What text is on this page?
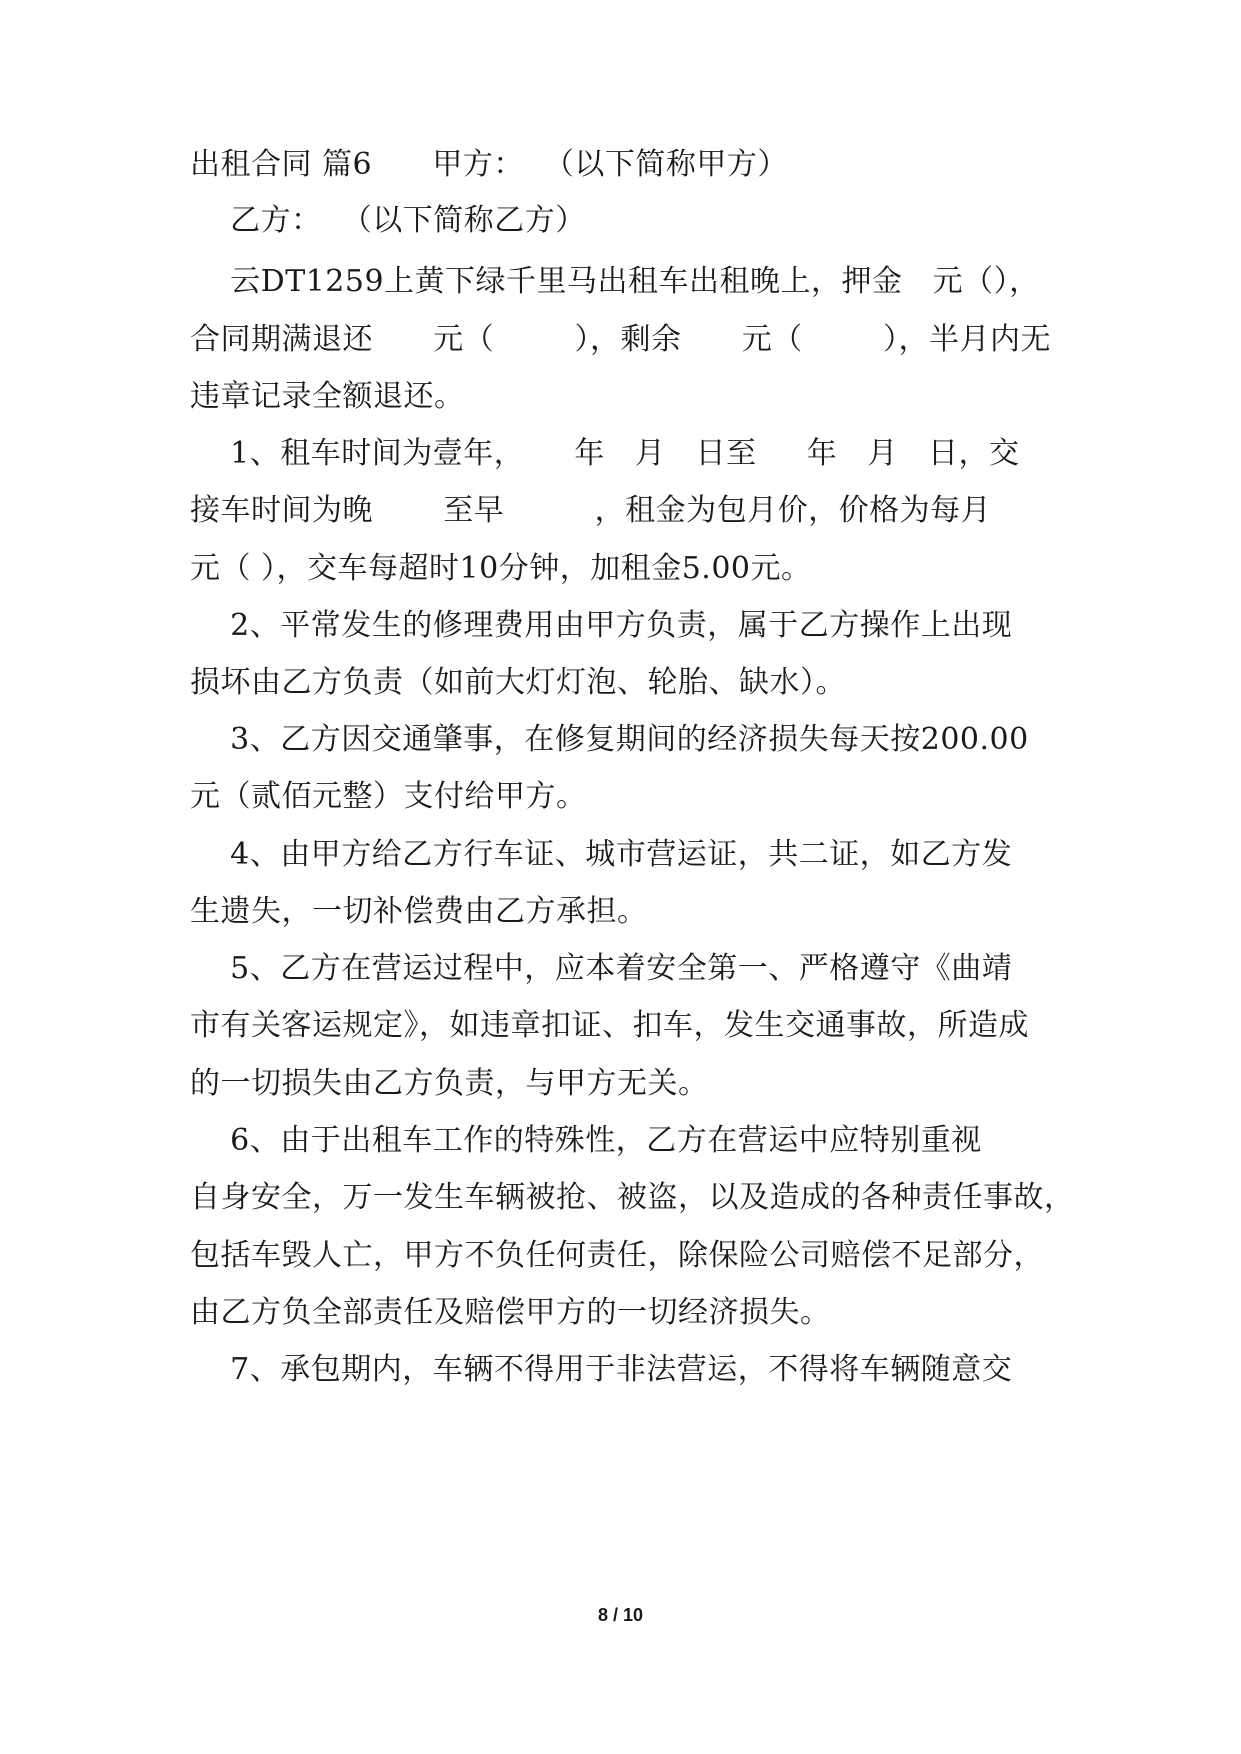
出租合同 篇6      甲方：  （以下简称甲方）
乙方：  （以下简称乙方）
云DT1259上黄下绿千里马出租车出租晚上，押金   元（），
合同期满退还      元（        ），剩余      元（        ），半月内无
违章记录全额退还。
1、租车时间为壹年，     年   月   日至     年   月   日，交
接车时间为晚       至早         ，租金为包月价，价格为每月
元（ ），交车每超时10分钟，加租金5.00元。
2、平常发生的修理费用由甲方负责，属于乙方操作上出现
损坏由乙方负责（如前大灯灯泡、轮胎、缺水）。
3、乙方因交通肇事，在修复期间的经济损失每天按200.00
元（贰佰元整）支付给甲方。
4、由甲方给乙方行车证、城市营运证，共二证，如乙方发
生遗失，一切补偿费由乙方承担。
5、乙方在营运过程中，应本着安全第一、严格遵守《曲靖
市有关客运规定》，如违章扣证、扣车，发生交通事故，所造成
的一切损失由乙方负责，与甲方无关。
6、由于出租车工作的特殊性，乙方在营运中应特别重视
自身安全，万一发生车辆被抢、被盗，以及造成的各种责任事故，
包括车毁人亡，甲方不负任何责任，除保险公司赔偿不足部分，
由乙方负全部责任及赔偿甲方的一切经济损失。
7、承包期内，车辆不得用于非法营运，不得将车辆随意交
8 / 10
